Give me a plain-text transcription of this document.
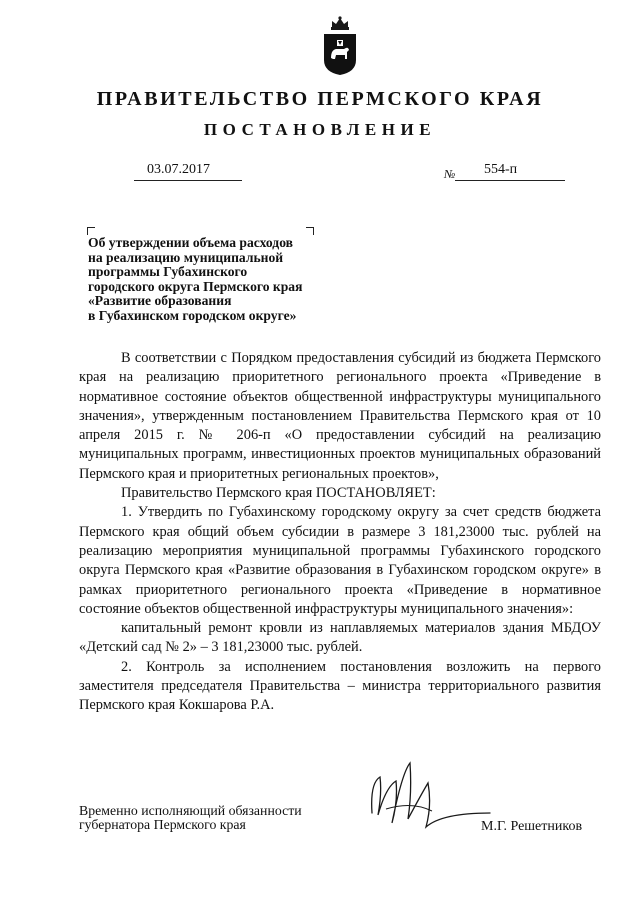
ПРАВИТЕЛЬСТВО ПЕРМСКОГО КРАЯ
ПОСТАНОВЛЕНИЕ
03.07.2017	№ 554-п
Об утверждении объема расходов
на реализацию муниципальной
программы Губахинского
городского округа Пермского края
«Развитие образования
в Губахинском городском округе»

В соответствии с Порядком предоставления субсидий из бюджета Пермского края на реализацию приоритетного регионального проекта «Приведение в нормативное состояние объектов общественной инфраструктуры муниципального значения», утвержденным постановлением Правительства Пермского края от 10 апреля 2015 г. № 206-п «О предоставлении субсидий на реализацию муниципальных программ, инвестиционных проектов муниципальных образований Пермского края и приоритетных региональных проектов»,

Правительство Пермского края ПОСТАНОВЛЯЕТ:

1. Утвердить по Губахинскому городскому округу за счет средств бюджета Пермского края общий объем субсидии в размере 3 181,23000 тыс. рублей на реализацию мероприятия муниципальной программы Губахинского городского округа Пермского края «Развитие образования в Губахинском городском округе» в рамках приоритетного регионального проекта «Приведение в нормативное состояние объектов общественной инфраструктуры муниципального значения»:

капитальный ремонт кровли из наплавляемых материалов здания МБДОУ «Детский сад № 2» – 3 181,23000 тыс. рублей.

2. Контроль за исполнением постановления возложить на первого заместителя председателя Правительства – министра территориального развития Пермского края Кокшарова Р.А.

Временно исполняющий обязанности
губернатора Пермского края	М.Г. Решетников
